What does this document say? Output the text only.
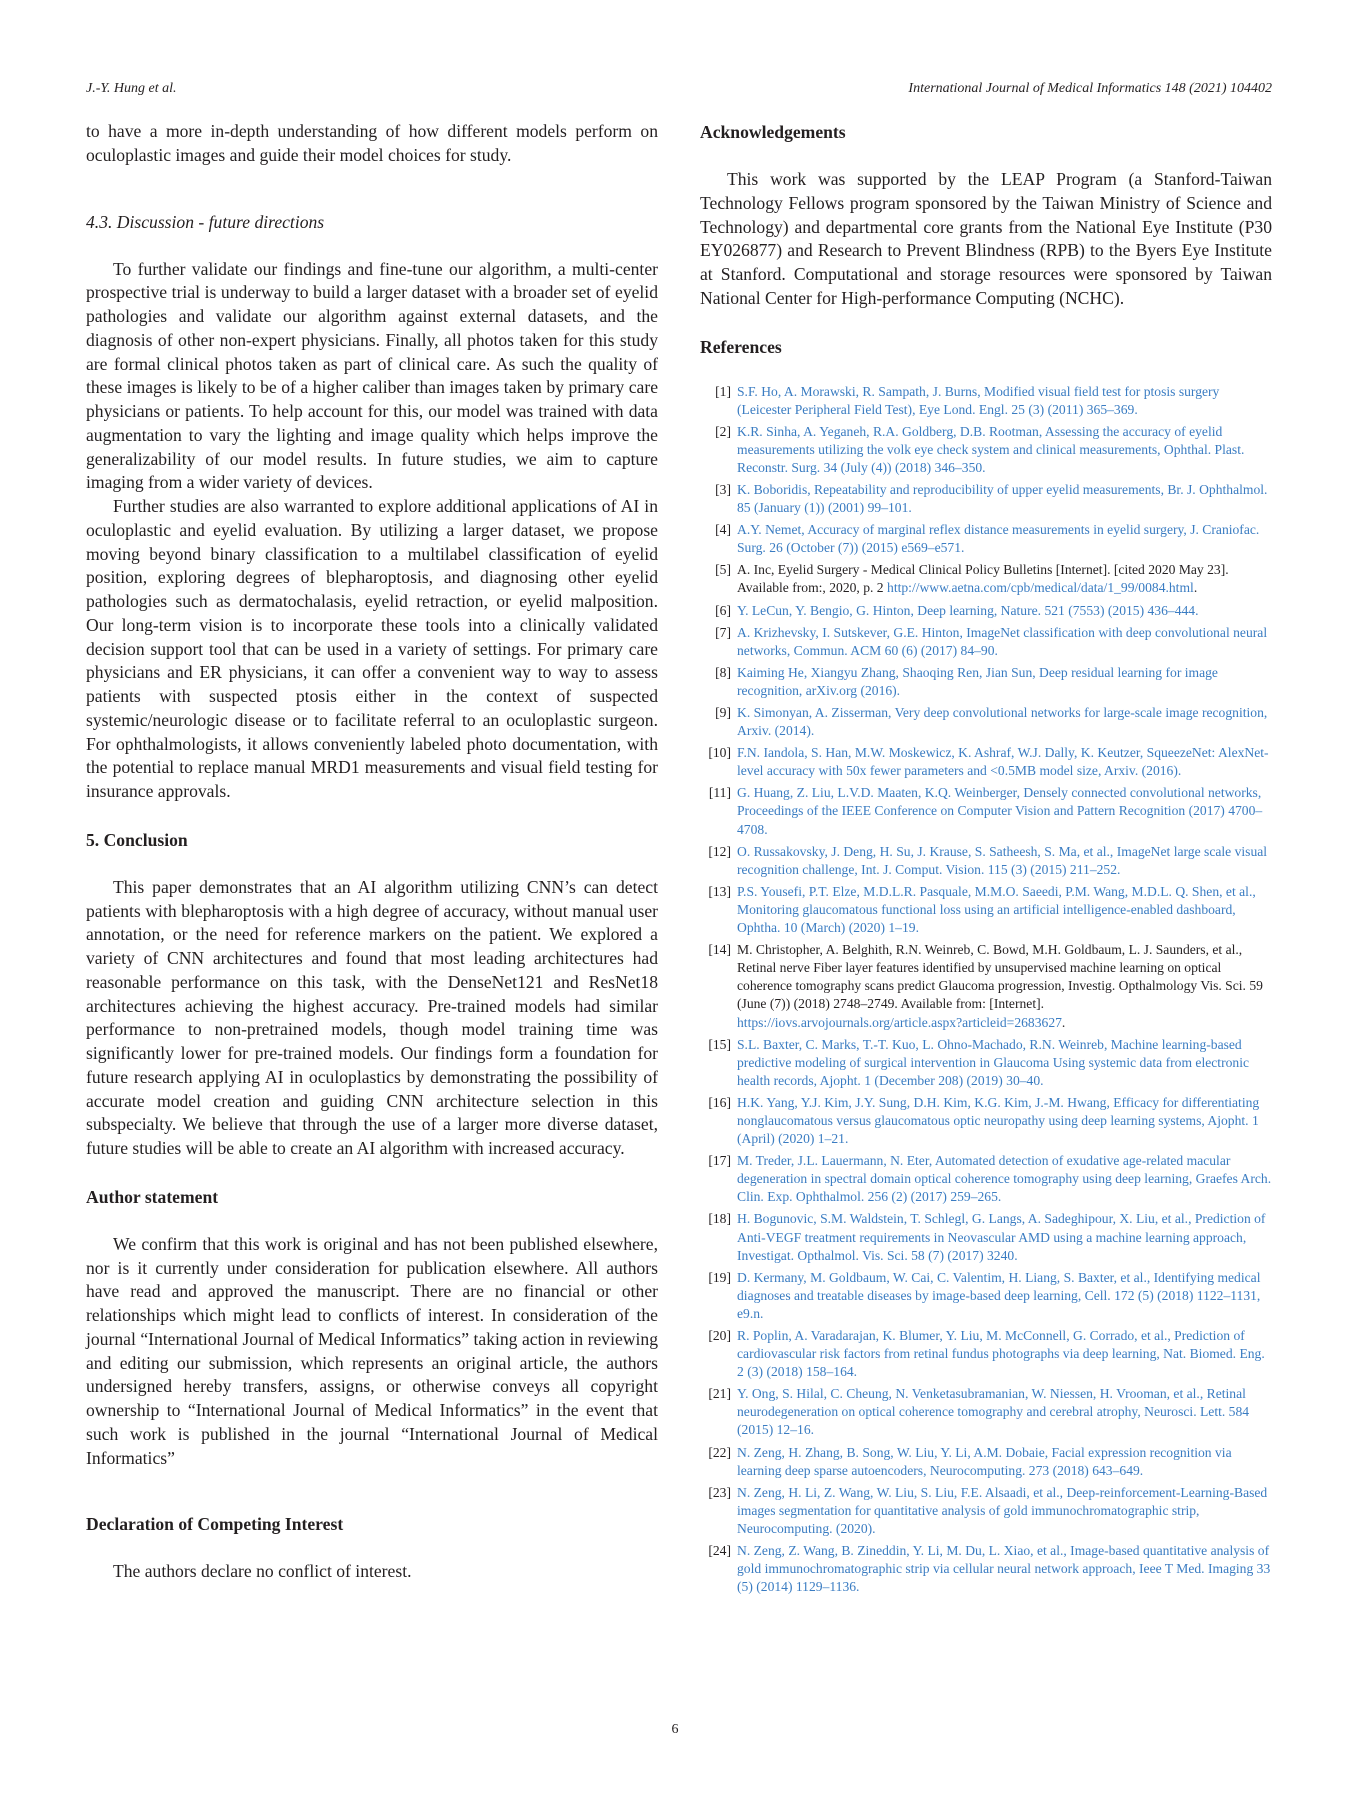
J.-Y. Hung et al.	International Journal of Medical Informatics 148 (2021) 104402

to have a more in-depth understanding of how different models perform on oculoplastic images and guide their model choices for study.

4.3. Discussion - future directions

To further validate our findings and fine-tune our algorithm, a multi-center prospective trial is underway to build a larger dataset with a broader set of eyelid pathologies and validate our algorithm against external datasets, and the diagnosis of other non-expert physicians. Finally, all photos taken for this study are formal clinical photos taken as part of clinical care. As such the quality of these images is likely to be of a higher caliber than images taken by primary care physicians or patients. To help account for this, our model was trained with data augmentation to vary the lighting and image quality which helps improve the generalizability of our model results. In future studies, we aim to capture imaging from a wider variety of devices.

Further studies are also warranted to explore additional applications of AI in oculoplastic and eyelid evaluation. By utilizing a larger dataset, we propose moving beyond binary classification to a multilabel classification of eyelid position, exploring degrees of blepharoptosis, and diagnosing other eyelid pathologies such as dermatochalasis, eyelid retraction, or eyelid malposition. Our long-term vision is to incorporate these tools into a clinically validated decision support tool that can be used in a variety of settings. For primary care physicians and ER physicians, it can offer a convenient way to way to assess patients with suspected ptosis either in the context of suspected systemic/neurologic disease or to facilitate referral to an oculoplastic surgeon. For ophthalmologists, it allows conveniently labeled photo documentation, with the potential to replace manual MRD1 measurements and visual field testing for insurance approvals.

5. Conclusion

This paper demonstrates that an AI algorithm utilizing CNN’s can detect patients with blepharoptosis with a high degree of accuracy, without manual user annotation, or the need for reference markers on the patient. We explored a variety of CNN architectures and found that most leading architectures had reasonable performance on this task, with the DenseNet121 and ResNet18 architectures achieving the highest accuracy. Pre-trained models had similar performance to non-pretrained models, though model training time was significantly lower for pre-trained models. Our findings form a foundation for future research applying AI in oculoplastics by demonstrating the possibility of accurate model creation and guiding CNN architecture selection in this subspecialty. We believe that through the use of a larger more diverse dataset, future studies will be able to create an AI algorithm with increased accuracy.

Author statement

We confirm that this work is original and has not been published elsewhere, nor is it currently under consideration for publication elsewhere. All authors have read and approved the manuscript. There are no financial or other relationships which might lead to conflicts of interest. In consideration of the journal “International Journal of Medical Informatics” taking action in reviewing and editing our submission, which represents an original article, the authors undersigned hereby transfers, assigns, or otherwise conveys all copyright ownership to “International Journal of Medical Informatics” in the event that such work is published in the journal “International Journal of Medical Informatics”

Declaration of Competing Interest

The authors declare no conflict of interest.

Acknowledgements

This work was supported by the LEAP Program (a Stanford-Taiwan Technology Fellows program sponsored by the Taiwan Ministry of Science and Technology) and departmental core grants from the National Eye Institute (P30 EY026877) and Research to Prevent Blindness (RPB) to the Byers Eye Institute at Stanford. Computational and storage resources were sponsored by Taiwan National Center for High-performance Computing (NCHC).

References

[1] S.F. Ho, A. Morawski, R. Sampath, J. Burns, Modified visual field test for ptosis surgery (Leicester Peripheral Field Test), Eye Lond. Engl. 25 (3) (2011) 365–369.
[2] K.R. Sinha, A. Yeganeh, R.A. Goldberg, D.B. Rootman, Assessing the accuracy of eyelid measurements utilizing the volk eye check system and clinical measurements, Ophthal. Plast. Reconstr. Surg. 34 (July (4)) (2018) 346–350.
[3] K. Boboridis, Repeatability and reproducibility of upper eyelid measurements, Br. J. Ophthalmol. 85 (January (1)) (2001) 99–101.
[4] A.Y. Nemet, Accuracy of marginal reflex distance measurements in eyelid surgery, J. Craniofac. Surg. 26 (October (7)) (2015) e569–e571.
[5] A. Inc, Eyelid Surgery - Medical Clinical Policy Bulletins [Internet]. [cited 2020 May 23]. Available from:, 2020, p. 2 http://www.aetna.com/cpb/medical/data/1_99/0084.html.
[6] Y. LeCun, Y. Bengio, G. Hinton, Deep learning, Nature. 521 (7553) (2015) 436–444.
[7] A. Krizhevsky, I. Sutskever, G.E. Hinton, ImageNet classification with deep convolutional neural networks, Commun. ACM 60 (6) (2017) 84–90.
[8] Kaiming He, Xiangyu Zhang, Shaoqing Ren, Jian Sun, Deep residual learning for image recognition, arXiv.org (2016).
[9] K. Simonyan, A. Zisserman, Very deep convolutional networks for large-scale image recognition, Arxiv. (2014).
[10] F.N. Iandola, S. Han, M.W. Moskewicz, K. Ashraf, W.J. Dally, K. Keutzer, SqueezeNet: AlexNet-level accuracy with 50x fewer parameters and <0.5MB model size, Arxiv. (2016).
[11] G. Huang, Z. Liu, L.V.D. Maaten, K.Q. Weinberger, Densely connected convolutional networks, Proceedings of the IEEE Conference on Computer Vision and Pattern Recognition (2017) 4700–4708.
[12] O. Russakovsky, J. Deng, H. Su, J. Krause, S. Satheesh, S. Ma, et al., ImageNet large scale visual recognition challenge, Int. J. Comput. Vision. 115 (3) (2015) 211–252.
[13] P.S. Yousefi, P.T. Elze, M.D.L.R. Pasquale, M.M.O. Saeedi, P.M. Wang, M.D.L. Q. Shen, et al., Monitoring glaucomatous functional loss using an artificial intelligence-enabled dashboard, Ophtha. 10 (March) (2020) 1–19.
[14] M. Christopher, A. Belghith, R.N. Weinreb, C. Bowd, M.H. Goldbaum, L. J. Saunders, et al., Retinal nerve Fiber layer features identified by unsupervised machine learning on optical coherence tomography scans predict Glaucoma progression, Investig. Opthalmology Vis. Sci. 59 (June (7)) (2018) 2748–2749. Available from: [Internet]. https://iovs.arvojournals.org/article.aspx?articleid=2683627.
[15] S.L. Baxter, C. Marks, T.-T. Kuo, L. Ohno-Machado, R.N. Weinreb, Machine learning-based predictive modeling of surgical intervention in Glaucoma Using systemic data from electronic health records, Ajopht. 1 (December 208) (2019) 30–40.
[16] H.K. Yang, Y.J. Kim, J.Y. Sung, D.H. Kim, K.G. Kim, J.-M. Hwang, Efficacy for differentiating nonglaucomatous versus glaucomatous optic neuropathy using deep learning systems, Ajopht. 1 (April) (2020) 1–21.
[17] M. Treder, J.L. Lauermann, N. Eter, Automated detection of exudative age-related macular degeneration in spectral domain optical coherence tomography using deep learning, Graefes Arch. Clin. Exp. Ophthalmol. 256 (2) (2017) 259–265.
[18] H. Bogunovic, S.M. Waldstein, T. Schlegl, G. Langs, A. Sadeghipour, X. Liu, et al., Prediction of Anti-VEGF treatment requirements in Neovascular AMD using a machine learning approach, Investigat. Opthalmol. Vis. Sci. 58 (7) (2017) 3240.
[19] D. Kermany, M. Goldbaum, W. Cai, C. Valentim, H. Liang, S. Baxter, et al., Identifying medical diagnoses and treatable diseases by image-based deep learning, Cell. 172 (5) (2018) 1122–1131, e9.n.
[20] R. Poplin, A. Varadarajan, K. Blumer, Y. Liu, M. McConnell, G. Corrado, et al., Prediction of cardiovascular risk factors from retinal fundus photographs via deep learning, Nat. Biomed. Eng. 2 (3) (2018) 158–164.
[21] Y. Ong, S. Hilal, C. Cheung, N. Venketasubramanian, W. Niessen, H. Vrooman, et al., Retinal neurodegeneration on optical coherence tomography and cerebral atrophy, Neurosci. Lett. 584 (2015) 12–16.
[22] N. Zeng, H. Zhang, B. Song, W. Liu, Y. Li, A.M. Dobaie, Facial expression recognition via learning deep sparse autoencoders, Neurocomputing. 273 (2018) 643–649.
[23] N. Zeng, H. Li, Z. Wang, W. Liu, S. Liu, F.E. Alsaadi, et al., Deep-reinforcement-Learning-Based images segmentation for quantitative analysis of gold immunochromatographic strip, Neurocomputing. (2020).
[24] N. Zeng, Z. Wang, B. Zineddin, Y. Li, M. Du, L. Xiao, et al., Image-based quantitative analysis of gold immunochromatographic strip via cellular neural network approach, Ieee T Med. Imaging 33 (5) (2014) 1129–1136.
6
